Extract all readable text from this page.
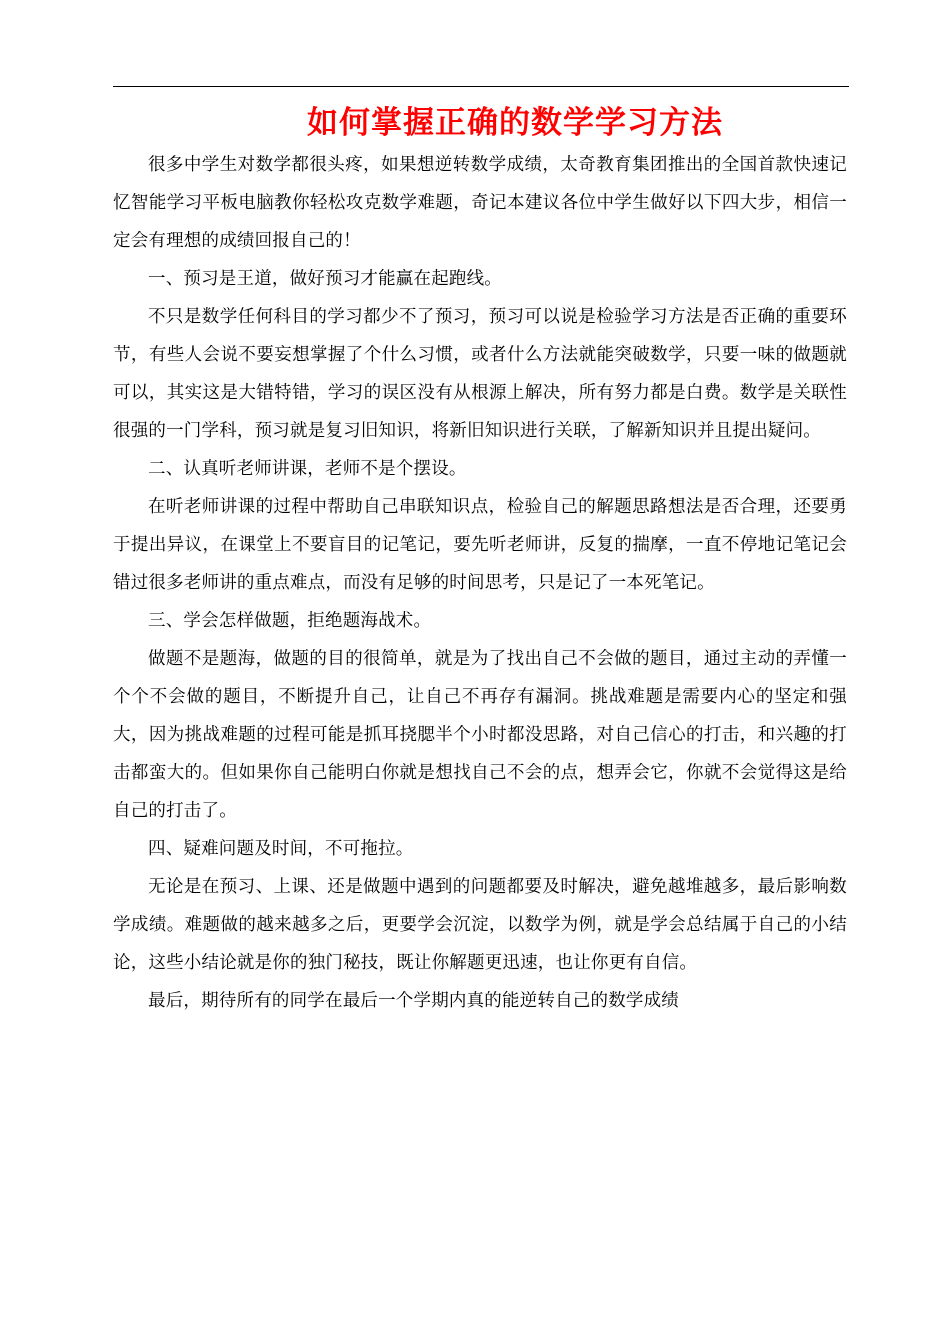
如何掌握正确的数学学习方法

很多中学生对数学都很头疼，如果想逆转数学成绩，太奇教育集团推出的全国首款快速记忆智能学习平板电脑教你轻松攻克数学难题，奇记本建议各位中学生做好以下四大步，相信一定会有理想的成绩回报自己的！

一、预习是王道，做好预习才能赢在起跑线。

不只是数学任何科目的学习都少不了预习，预习可以说是检验学习方法是否正确的重要环节，有些人会说不要妄想掌握了个什么习惯，或者什么方法就能突破数学，只要一味的做题就可以，其实这是大错特错，学习的误区没有从根源上解决，所有努力都是白费。数学是关联性很强的一门学科，预习就是复习旧知识，将新旧知识进行关联，了解新知识并且提出疑问。

二、认真听老师讲课，老师不是个摆设。

在听老师讲课的过程中帮助自己串联知识点，检验自己的解题思路想法是否合理，还要勇于提出异议，在课堂上不要盲目的记笔记，要先听老师讲，反复的揣摩，一直不停地记笔记会错过很多老师讲的重点难点，而没有足够的时间思考，只是记了一本死笔记。

三、学会怎样做题，拒绝题海战术。

做题不是题海，做题的目的很简单，就是为了找出自己不会做的题目，通过主动的弄懂一个个不会做的题目，不断提升自己，让自己不再存有漏洞。挑战难题是需要内心的坚定和强大，因为挑战难题的过程可能是抓耳挠腮半个小时都没思路，对自己信心的打击，和兴趣的打击都蛮大的。但如果你自己能明白你就是想找自己不会的点，想弄会它，你就不会觉得这是给自己的打击了。

四、疑难问题及时间，不可拖拉。

无论是在预习、上课、还是做题中遇到的问题都要及时解决，避免越堆越多，最后影响数学成绩。难题做的越来越多之后，更要学会沉淀，以数学为例，就是学会总结属于自己的小结论，这些小结论就是你的独门秘技，既让你解题更迅速，也让你更有自信。

最后，期待所有的同学在最后一个学期内真的能逆转自己的数学成绩
